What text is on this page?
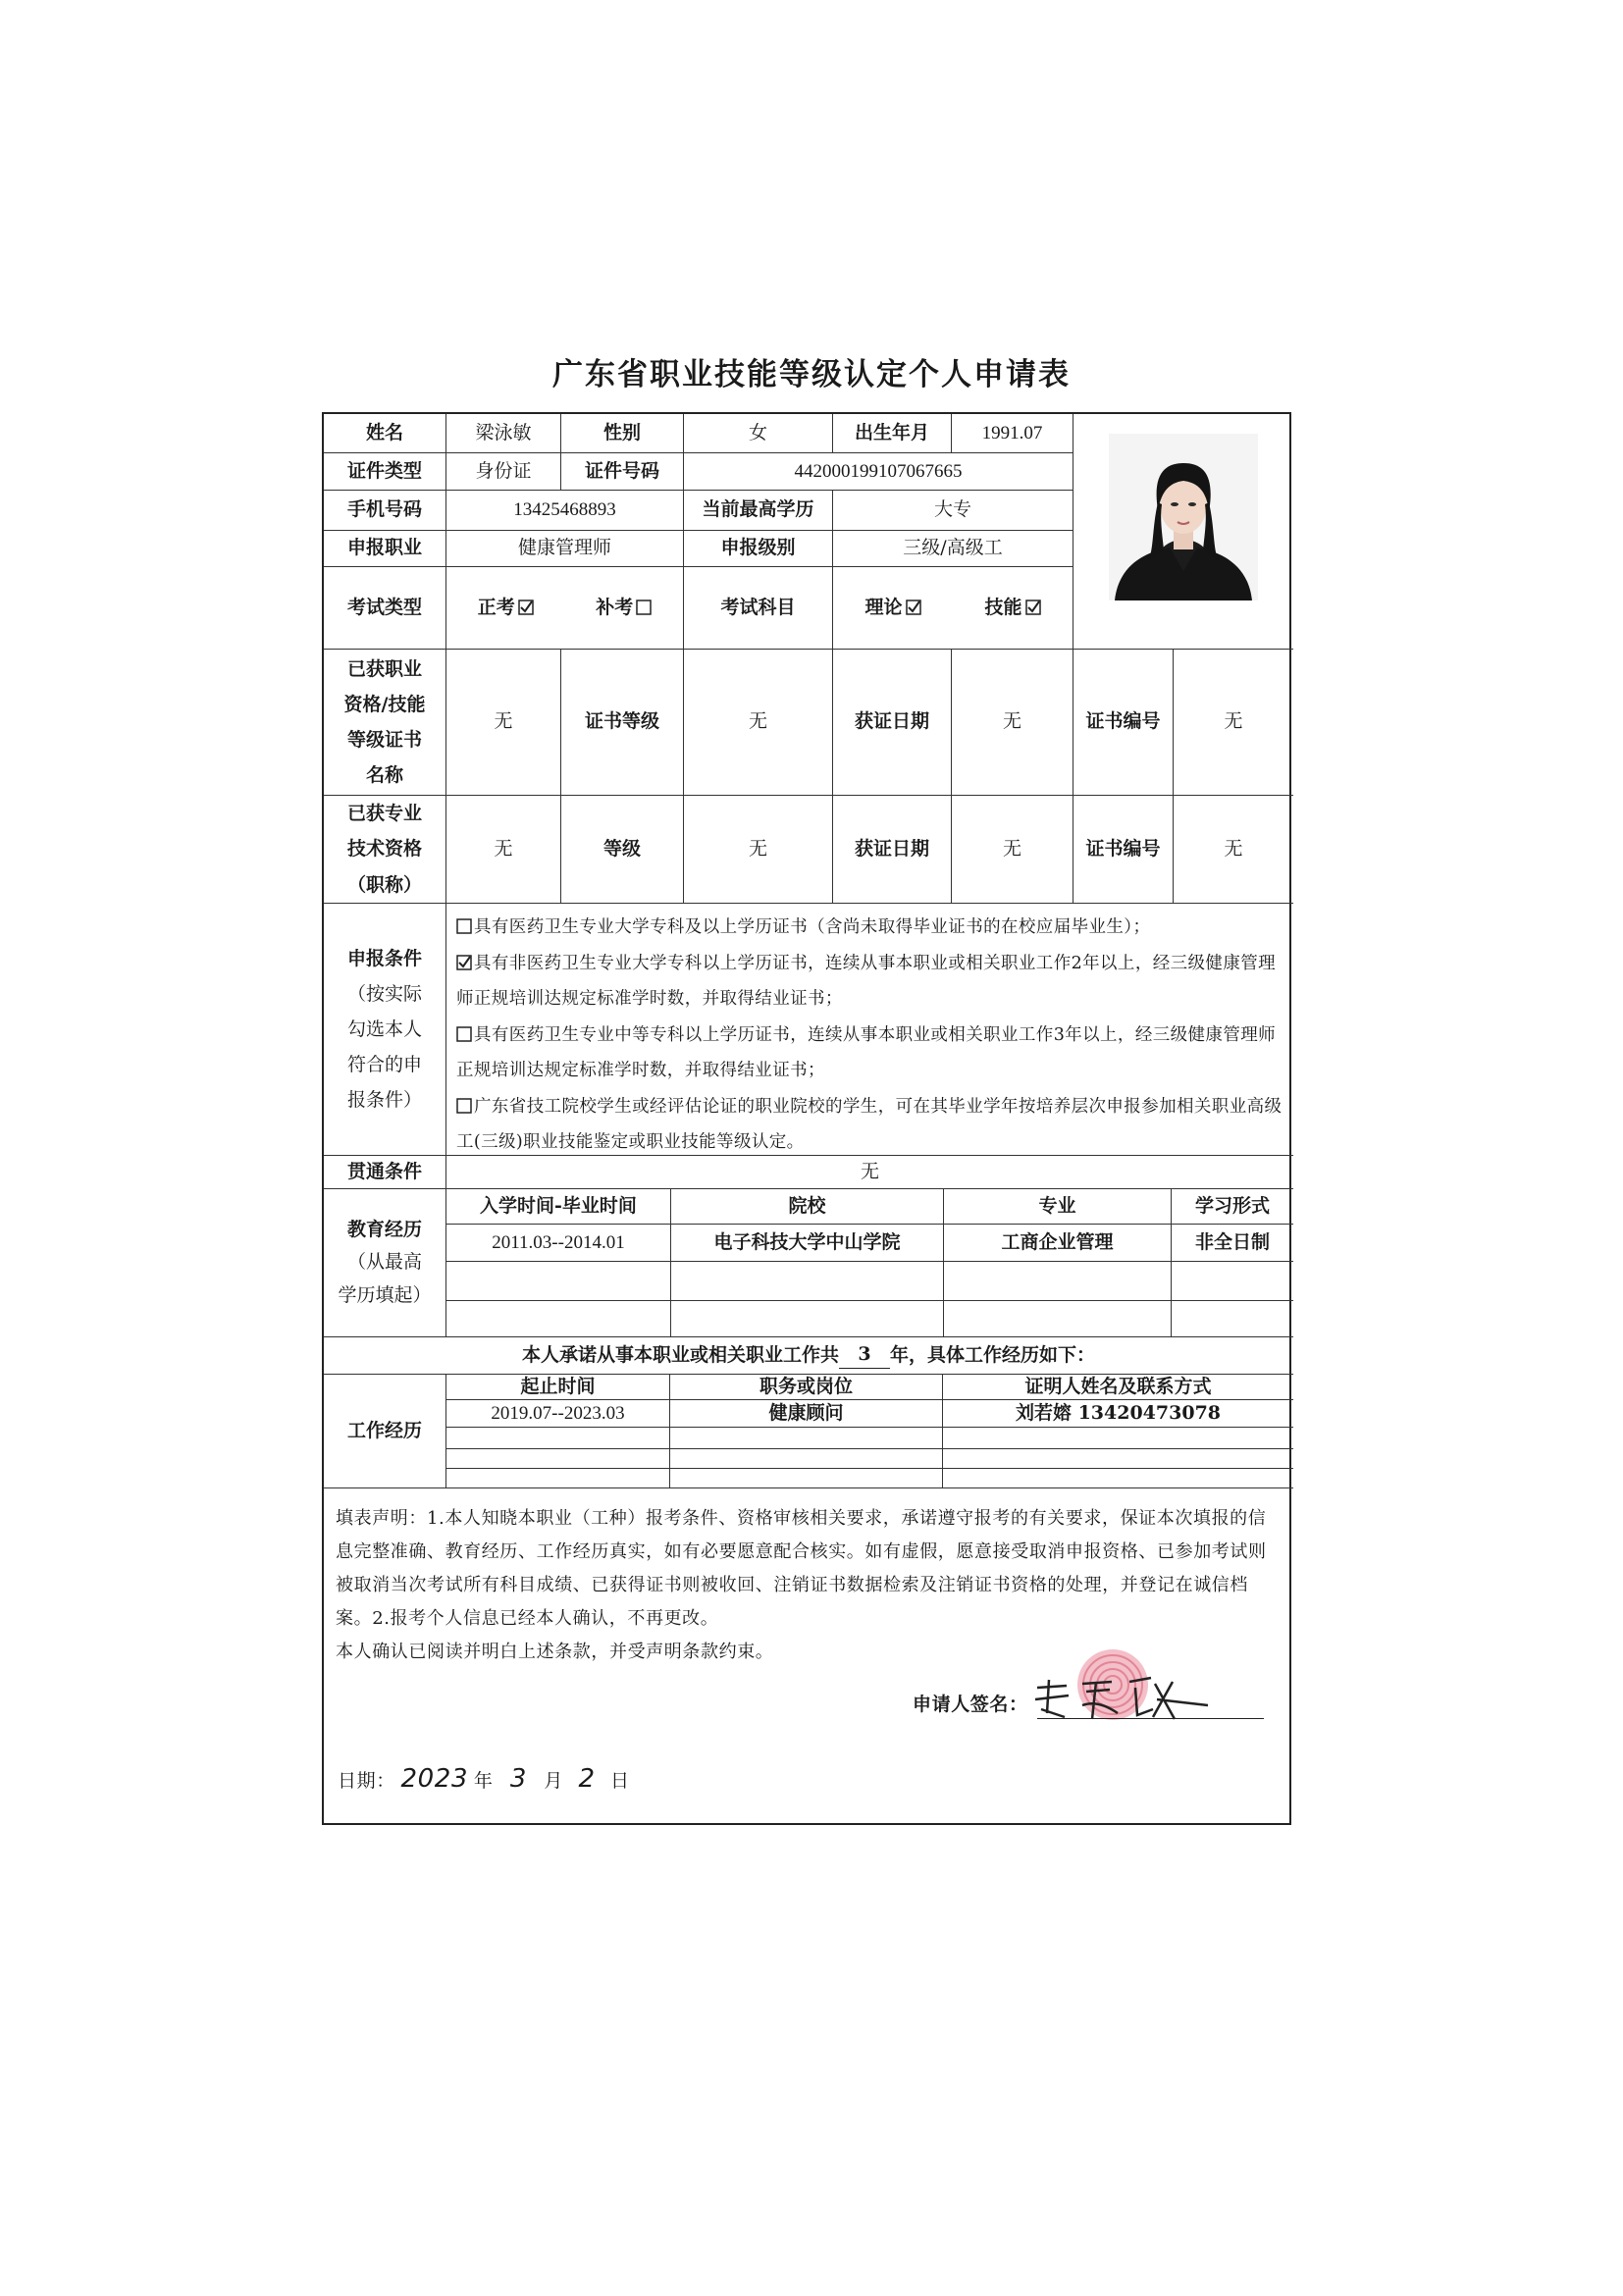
广东省职业技能等级认定个人申请表
姓名	梁泳敏	性别	女	出生年月	1991.07
证件类型	身份证	证件号码	442000199107067665
手机号码	13425468893	当前最高学历	大专
申报职业	健康管理师	申报级别	三级/高级工
考试类型	正考	补考	考试科目	理论	技能
已获职业
资格/技能
等级证书
名称
无	证书等级	无	获证日期	无	证书编号	无
已获专业
技术资格
（职称）
无	等级	无	获证日期	无	证书编号	无
申报条件
（按实际
勾选本人
符合的申
报条件）

具有医药卫生专业大学专科及以上学历证书（含尚未取得毕业证书的在校应届毕业生）；

具有非医药卫生专业大学专科以上学历证书，连续从事本职业或相关职业工作2年以上，经三级健康管理师正规培训达规定标准学时数，并取得结业证书；

具有医药卫生专业中等专科以上学历证书，连续从事本职业或相关职业工作3年以上，经三级健康管理师正规培训达规定标准学时数，并取得结业证书；

广东省技工院校学生或经评估论证的职业院校的学生，可在其毕业学年按培养层次申报参加相关职业高级工(三级)职业技能鉴定或职业技能等级认定。

贯通条件	无
教育经历
（从最高
学历填起）
入学时间-毕业时间	院校	专业	学习形式
2011.03--2014.01	电子科技大学中山学院	工商企业管理	非全日制
本人承诺从事本职业或相关职业工作共	3	年，具体工作经历如下：
工作经历
起止时间	职务或岗位	证明人姓名及联系方式
2019.07--2023.03	健康顾问	刘若嫆 13420473078

填表声明：1.本人知晓本职业（工种）报考条件、资格审核相关要求，承诺遵守报考的有关要求，保证本次填报的信息完整准确、教育经历、工作经历真实，如有必要愿意配合核实。如有虚假，愿意接受取消申报资格、已参加考试则被取消当次考试所有科目成绩、已获得证书则被收回、注销证书数据检索及注销证书资格的处理，并登记在诚信档案。2.报考个人信息已经本人确认，不再更改。

本人确认已阅读并明白上述条款，并受声明条款约束。

申请人签名：
日期： 2023 年 3 月 2 日
